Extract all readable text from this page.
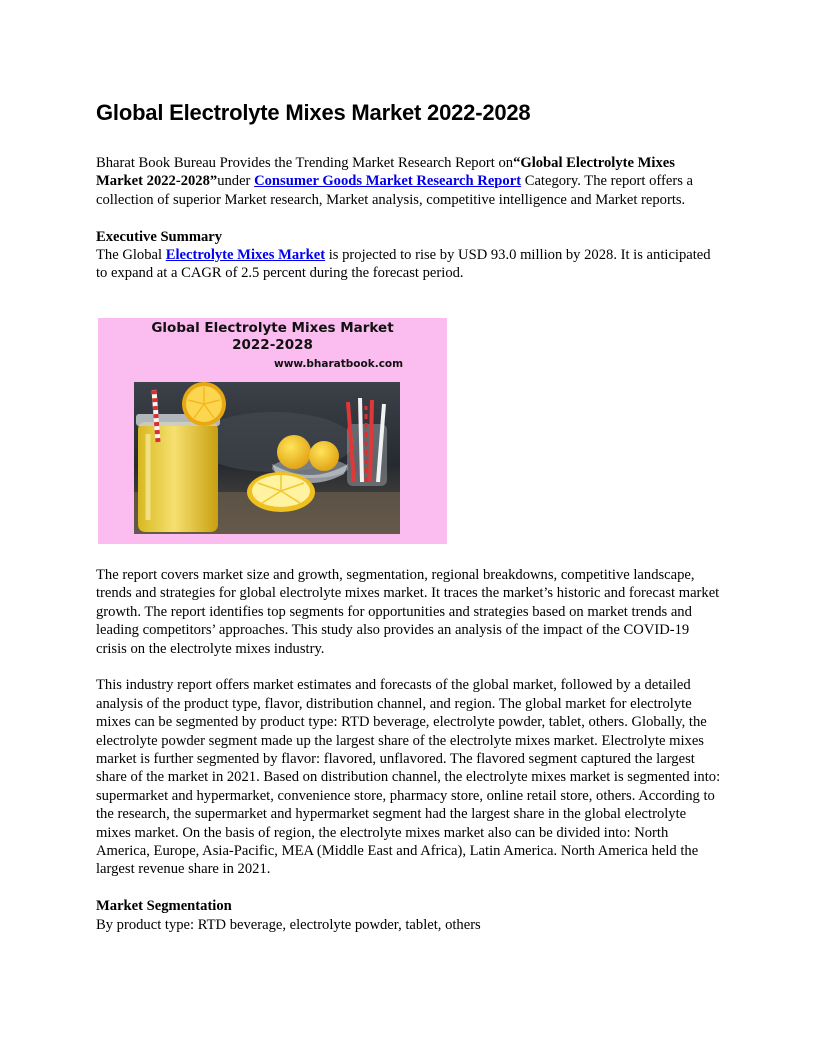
Global Electrolyte Mixes Market 2022-2028

Bharat Book Bureau Provides the Trending Market Research Report on“Global Electrolyte Mixes Market 2022-2028”under Consumer Goods Market Research Report Category. The report offers a collection of superior Market research, Market analysis, competitive intelligence and Market reports.

Executive Summary

The Global Electrolyte Mixes Market is projected to rise by USD 93.0 million by 2028. It is anticipated to expand at a CAGR of 2.5 percent during the forecast period.

Global Electrolyte Mixes Market
2022-2028
www.bharatbook.com

The report covers market size and growth, segmentation, regional breakdowns, competitive landscape, trends and strategies for global electrolyte mixes market. It traces the market’s historic and forecast market growth. The report identifies top segments for opportunities and strategies based on market trends and leading competitors’ approaches. This study also provides an analysis of the impact of the COVID-19 crisis on the electrolyte mixes industry.

This industry report offers market estimates and forecasts of the global market, followed by a detailed analysis of the product type, flavor, distribution channel, and region. The global market for electrolyte mixes can be segmented by product type: RTD beverage, electrolyte powder, tablet, others. Globally, the electrolyte powder segment made up the largest share of the electrolyte mixes market. Electrolyte mixes market is further segmented by flavor: flavored, unflavored. The flavored segment captured the largest share of the market in 2021. Based on distribution channel, the electrolyte mixes market is segmented into: supermarket and hypermarket, convenience store, pharmacy store, online retail store, others. According to the research, the supermarket and hypermarket segment had the largest share in the global electrolyte mixes market. On the basis of region, the electrolyte mixes market also can be divided into: North America, Europe, Asia-Pacific, MEA (Middle East and Africa), Latin America. North America held the largest revenue share in 2021.

Market Segmentation

By product type: RTD beverage, electrolyte powder, tablet, others
